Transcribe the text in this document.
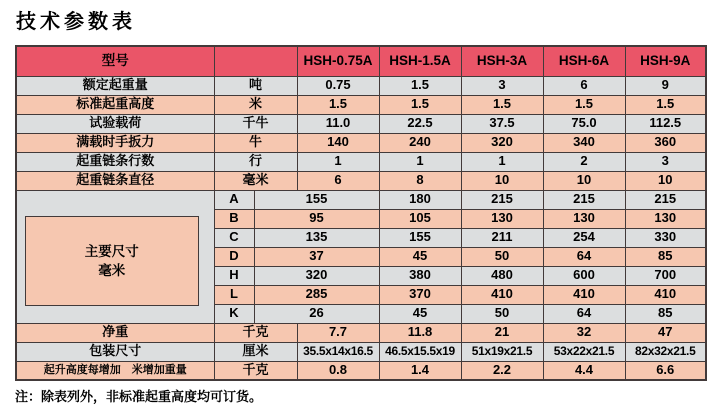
技术参数表
型号			HSH-0.75A	HSH-1.5A	HSH-3A	HSH-6A	HSH-9A
额定起重量	吨		0.75	1.5	3	6	9
标准起重高度	米		1.5	1.5	1.5	1.5	1.5
试验载荷	千牛		11.0	22.5	37.5	75.0	112.5
满载时手扳力	牛		140	240	320	340	360
起重链条行数	行		1	1	1	2	3
起重链条直径	毫米		6	8	10	10	10

主要尺寸
毫米	A	155		180	215	215	215
	B	95		105	130	130	130
	C	135		155	211	254	330
	D	37		45	50	64	85
	H	320		380	480	600	700
	L	285		370	410	410	410
	K	26		45	50	64	85
净重	千克		7.7	11.8	21	32	47
包装尺寸	厘米		35.5x14x16.5	46.5x15.5x19	51x19x21.5	53x22x21.5	82x32x21.5
起升高度每增加　米增加重量	千克		0.8	1.4	2.2	4.4	6.6
注：除表列外，非标准起重高度均可订货。
